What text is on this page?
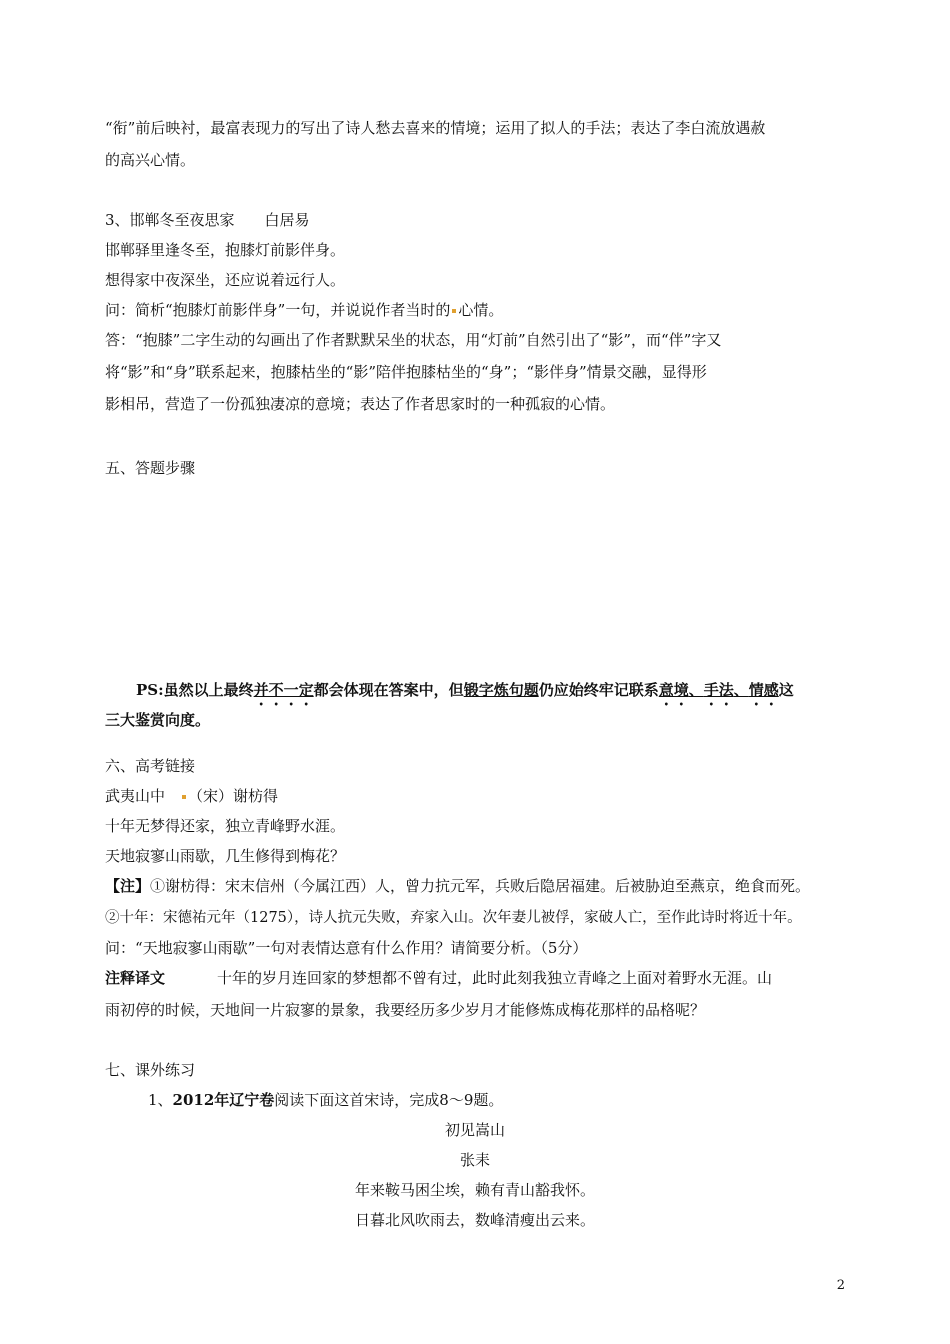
“衔”前后映衬，最富表现力的写出了诗人愁去喜来的情境；运用了拟人的手法；表达了李白流放遇赦
的高兴心情。
3、邯郸冬至夜思家　　白居易
邯郸驿里逢冬至，抱膝灯前影伴身。
想得家中夜深坐，还应说着远行人。
问：简析“抱膝灯前影伴身”一句，并说说作者当时的 心情。
答：“抱膝”二字生动的勾画出了作者默默呆坐的状态，用“灯前”自然引出了“影”，而“伴”字又
将“影”和“身”联系起来，抱膝枯坐的“影”陪伴抱膝枯坐的“身”；“影伴身”情景交融，显得形
影相吊，营造了一份孤独凄凉的意境；表达了作者思家时的一种孤寂的心情。
五、答题步骤
PS:虽然以上最终并不一定都会体现在答案中，但锻字炼句题仍应始终牢记联系意境、手法、情感这
三大鉴赏向度。
六、高考链接
武夷山中　 （宋）谢枋得
十年无梦得还家，独立青峰野水涯。
天地寂寥山雨歇，几生修得到梅花？
【注】①谢枋得：宋末信州（今属江西）人，曾力抗元军，兵败后隐居福建。后被胁迫至燕京，绝食而死。
②十年：宋德祐元年（1275），诗人抗元失败，弃家入山。次年妻儿被俘，家破人亡，至作此诗时将近十年。
问：“天地寂寥山雨歇”一句对表情达意有什么作用？请简要分析。（5分）
注释译文	十年的岁月连回家的梦想都不曾有过，此时此刻我独立青峰之上面对着野水无涯。山
雨初停的时候，天地间一片寂寥的景象，我要经历多少岁月才能修炼成梅花那样的品格呢？
七、课外练习
1、2012年辽宁卷阅读下面这首宋诗，完成8～9题。
初见嵩山
张耒
年来鞍马困尘埃，赖有青山豁我怀。
日暮北风吹雨去，数峰清瘦出云来。
2
